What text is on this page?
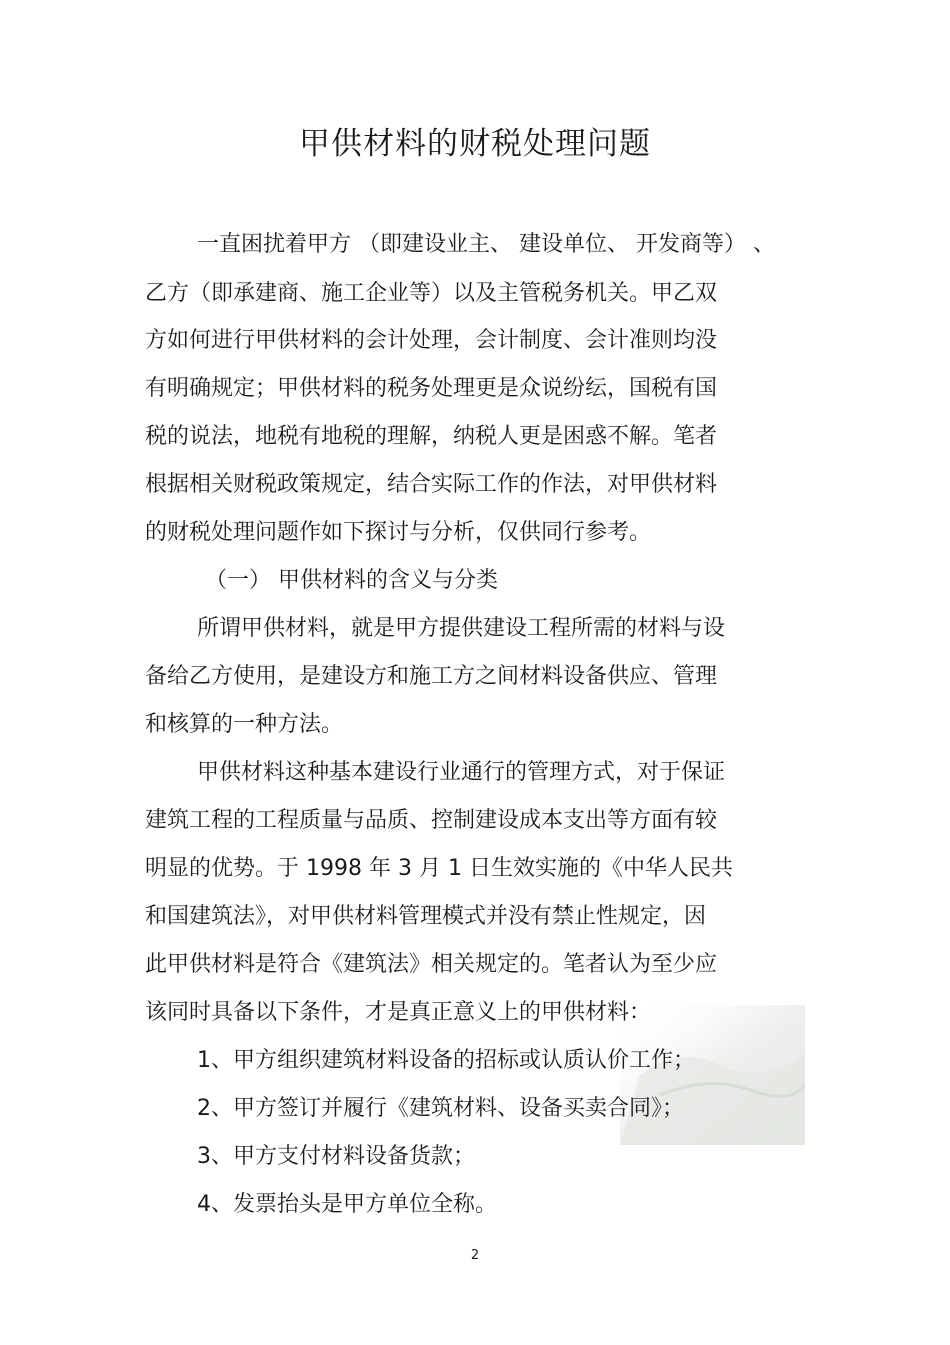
甲供材料的财税处理问题

一直困扰着甲方 （即建设业主、 建设单位、 开发商等） 、

乙方（即承建商、施工企业等）以及主管税务机关。甲乙双

方如何进行甲供材料的会计处理，会计制度、会计准则均没

有明确规定；甲供材料的税务处理更是众说纷纭，国税有国

税的说法，地税有地税的理解，纳税人更是困惑不解。笔者

根据相关财税政策规定，结合实际工作的作法，对甲供材料

的财税处理问题作如下探讨与分析，仅供同行参考。

（一） 甲供材料的含义与分类

所谓甲供材料，就是甲方提供建设工程所需的材料与设

备给乙方使用，是建设方和施工方之间材料设备供应、管理

和核算的一种方法。

甲供材料这种基本建设行业通行的管理方式，对于保证

建筑工程的工程质量与品质、控制建设成本支出等方面有较

明显的优势。于 1998 年 3 月 1 日生效实施的《中华人民共

和国建筑法》，对甲供材料管理模式并没有禁止性规定，因

此甲供材料是符合《建筑法》相关规定的。笔者认为至少应

该同时具备以下条件，才是真正意义上的甲供材料：

1、甲方组织建筑材料设备的招标或认质认价工作；

2、甲方签订并履行《建筑材料、设备买卖合同》；

3、甲方支付材料设备货款；

4、发票抬头是甲方单位全称。

2
